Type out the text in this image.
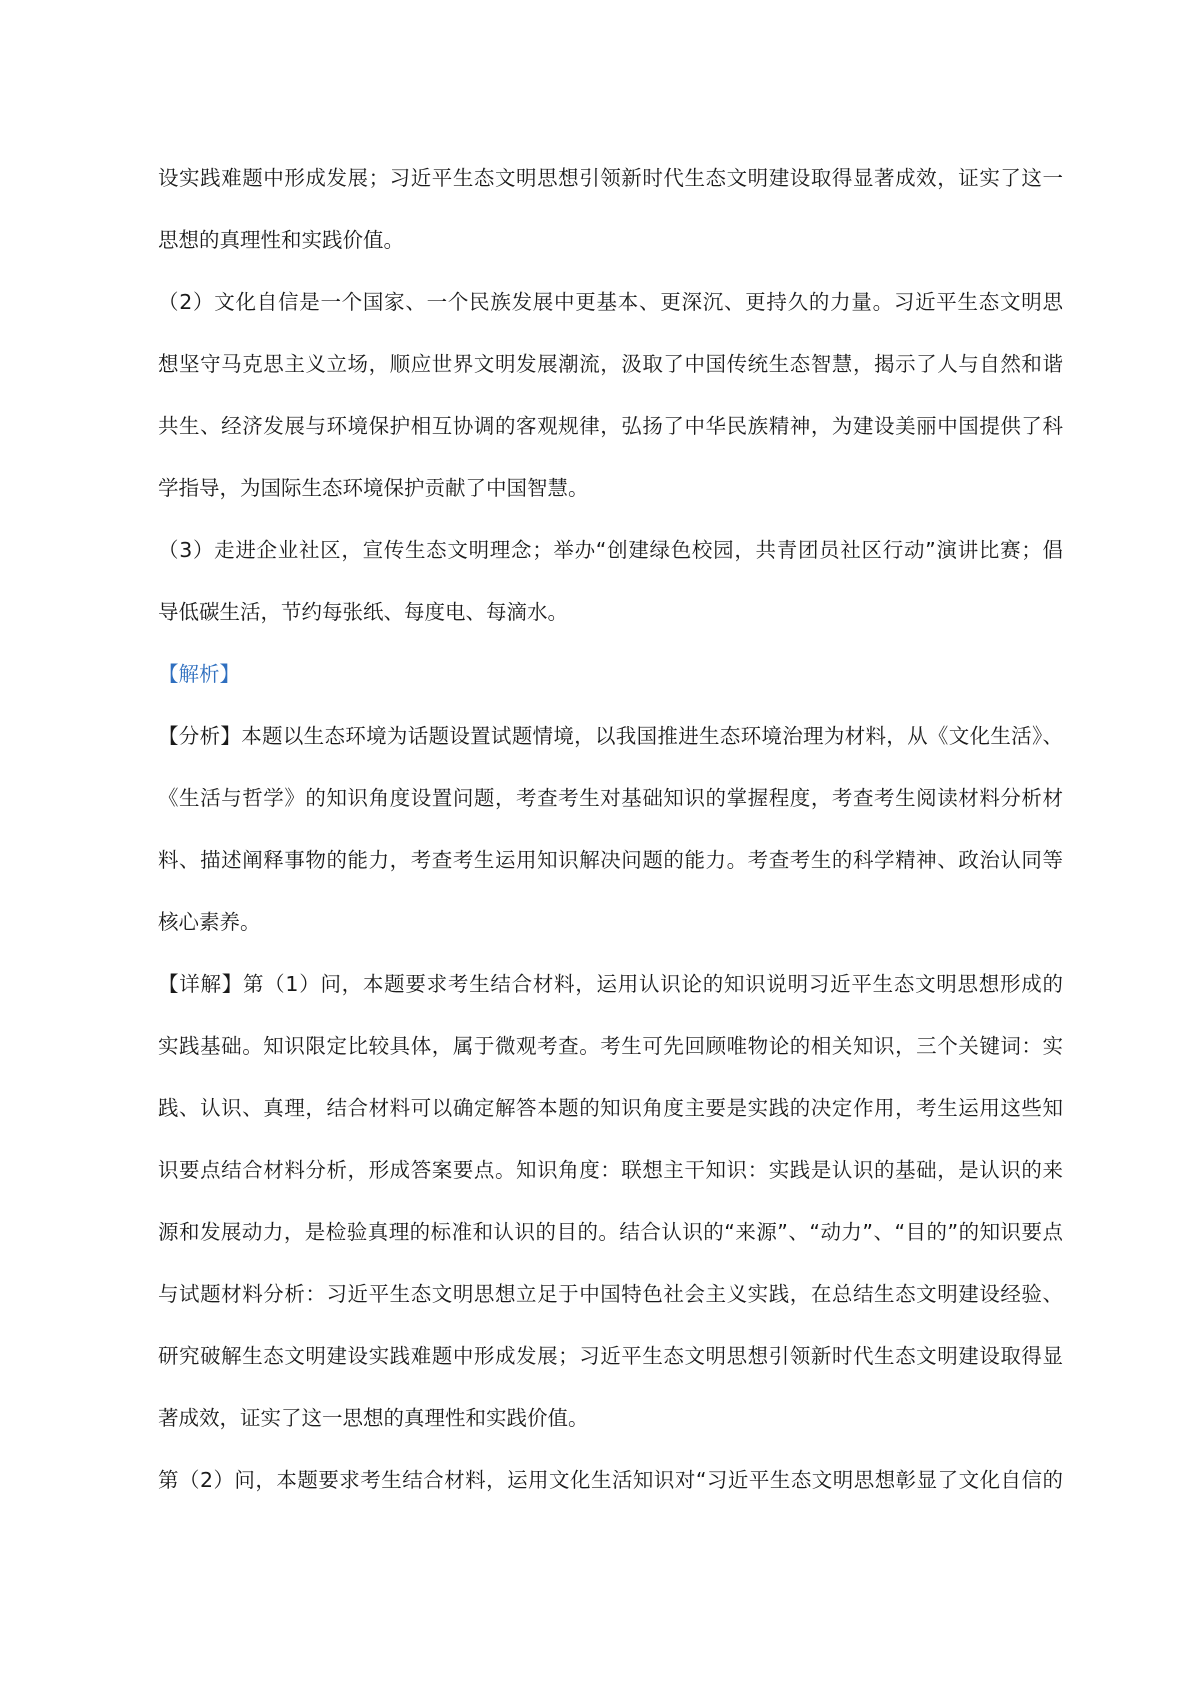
设实践难题中形成发展；习近平生态文明思想引领新时代生态文明建设取得显著成效，证实了这一
思想的真理性和实践价值。
（2）文化自信是一个国家、一个民族发展中更基本、更深沉、更持久的力量。习近平生态文明思
想坚守马克思主义立场，顺应世界文明发展潮流，汲取了中国传统生态智慧，揭示了人与自然和谐
共生、经济发展与环境保护相互协调的客观规律，弘扬了中华民族精神，为建设美丽中国提供了科
学指导，为国际生态环境保护贡献了中国智慧。
（3）走进企业社区，宣传生态文明理念；举办“创建绿色校园，共青团员社区行动”演讲比赛；倡
导低碳生活，节约每张纸、每度电、每滴水。
【解析】
【分析】本题以生态环境为话题设置试题情境，以我国推进生态环境治理为材料，从《文化生活》、
《生活与哲学》的知识角度设置问题，考查考生对基础知识的掌握程度，考查考生阅读材料分析材
料、描述阐释事物的能力，考查考生运用知识解决问题的能力。考查考生的科学精神、政治认同等
核心素养。
【详解】第（1）问，本题要求考生结合材料，运用认识论的知识说明习近平生态文明思想形成的
实践基础。知识限定比较具体，属于微观考查。考生可先回顾唯物论的相关知识，三个关键词：实
践、认识、真理，结合材料可以确定解答本题的知识角度主要是实践的决定作用，考生运用这些知
识要点结合材料分析，形成答案要点。知识角度：联想主干知识：实践是认识的基础，是认识的来
源和发展动力，是检验真理的标准和认识的目的。结合认识的“来源”、“动力”、“目的”的知识要点
与试题材料分析：习近平生态文明思想立足于中国特色社会主义实践，在总结生态文明建设经验、
研究破解生态文明建设实践难题中形成发展；习近平生态文明思想引领新时代生态文明建设取得显
著成效，证实了这一思想的真理性和实践价值。
第（2）问，本题要求考生结合材料，运用文化生活知识对“习近平生态文明思想彰显了文化自信的
